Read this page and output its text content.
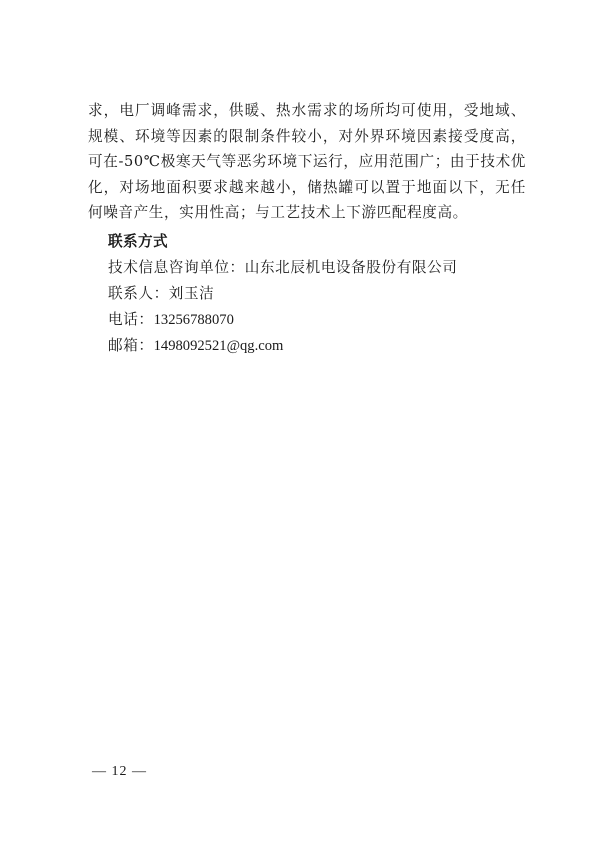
求，电厂调峰需求，供暖、热水需求的场所均可使用，受地域、规模、环境等因素的限制条件较小，对外界环境因素接受度高，可在-50℃极寒天气等恶劣环境下运行，应用范围广；由于技术优化，对场地面积要求越来越小，储热罐可以置于地面以下，无任何噪音产生，实用性高；与工艺技术上下游匹配程度高。

联系方式
技术信息咨询单位：山东北辰机电设备股份有限公司
联系人：刘玉洁
电话：13256788070
邮箱：1498092521@qg.com
— 12 —
